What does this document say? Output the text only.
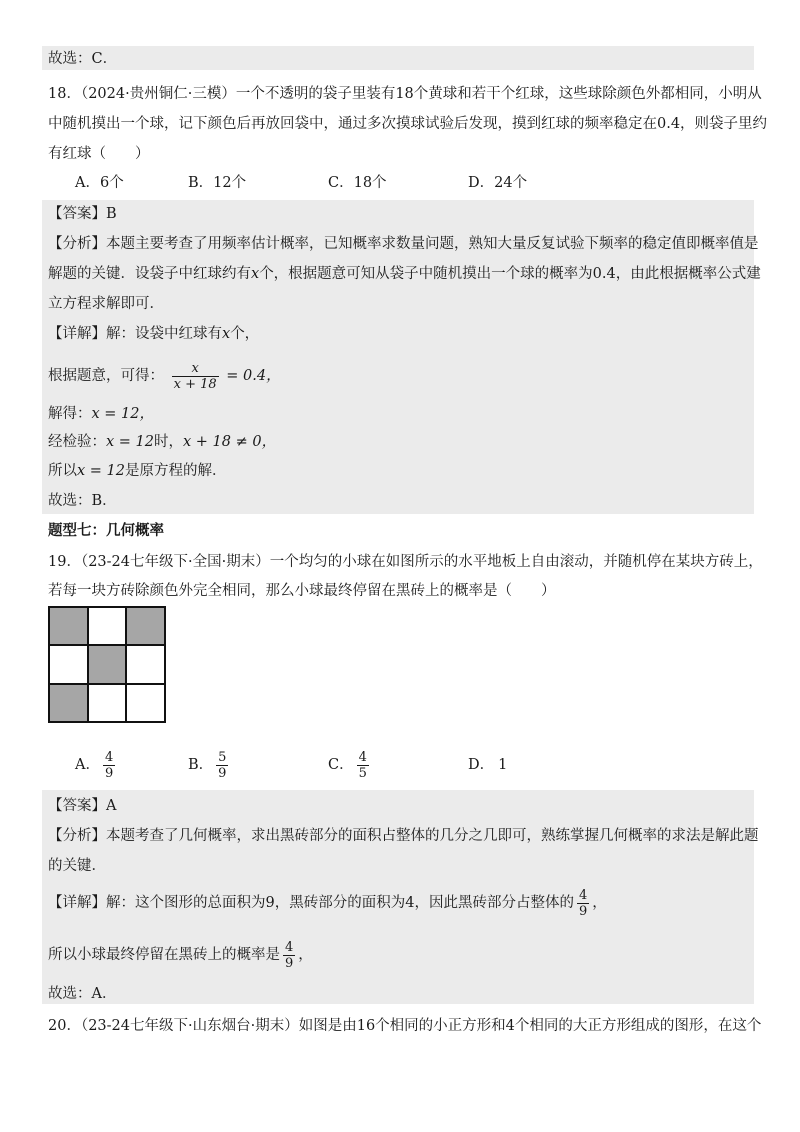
故选：C．
18．（2024·贵州铜仁·三模）一个不透明的袋子里装有18个黄球和若干个红球，这些球除颜色外都相同，小明从
中随机摸出一个球，记下颜色后再放回袋中，通过多次摸球试验后发现，摸到红球的频率稳定在0.4，则袋子里约
有红球（　　）
A．6个	B．12个	C．18个	D．24个
【答案】B
【分析】本题主要考查了用频率估计概率，已知概率求数量问题，熟知大量反复试验下频率的稳定值即概率值是
解题的关键．设袋子中红球约有x个，根据题意可知从袋子中随机摸出一个球的概率为0.4，由此根据概率公式建
立方程求解即可．
【详解】解：设袋中红球有x个，
根据题意，可得： $\frac{x}{x + 18} = 0.4$，
解得：x = 12，
经检验：x = 12时，x + 18 ≠ 0，
所以x = 12是原方程的解．
故选：B．
题型七：几何概率
19．（23-24七年级下·全国·期末）一个均匀的小球在如图所示的水平地板上自由滚动，并随机停在某块方砖上，
若每一块方砖除颜色外完全相同，那么小球最终停留在黑砖上的概率是（　　）
A． $\frac{4}{9}$	B． $\frac{5}{9}$	C． $\frac{4}{5}$	D． 1
【答案】A
【分析】本题考查了几何概率，求出黑砖部分的面积占整体的几分之几即可，熟练掌握几何概率的求法是解此题
的关键．
【详解】解：这个图形的总面积为9，黑砖部分的面积为4，因此黑砖部分占整体的 $\frac{4}{9}$ ，
所以小球最终停留在黑砖上的概率是 $\frac{4}{9}$ ，
故选：A．
20．（23-24七年级下·山东烟台·期末）如图是由16个相同的小正方形和4个相同的大正方形组成的图形，在这个
